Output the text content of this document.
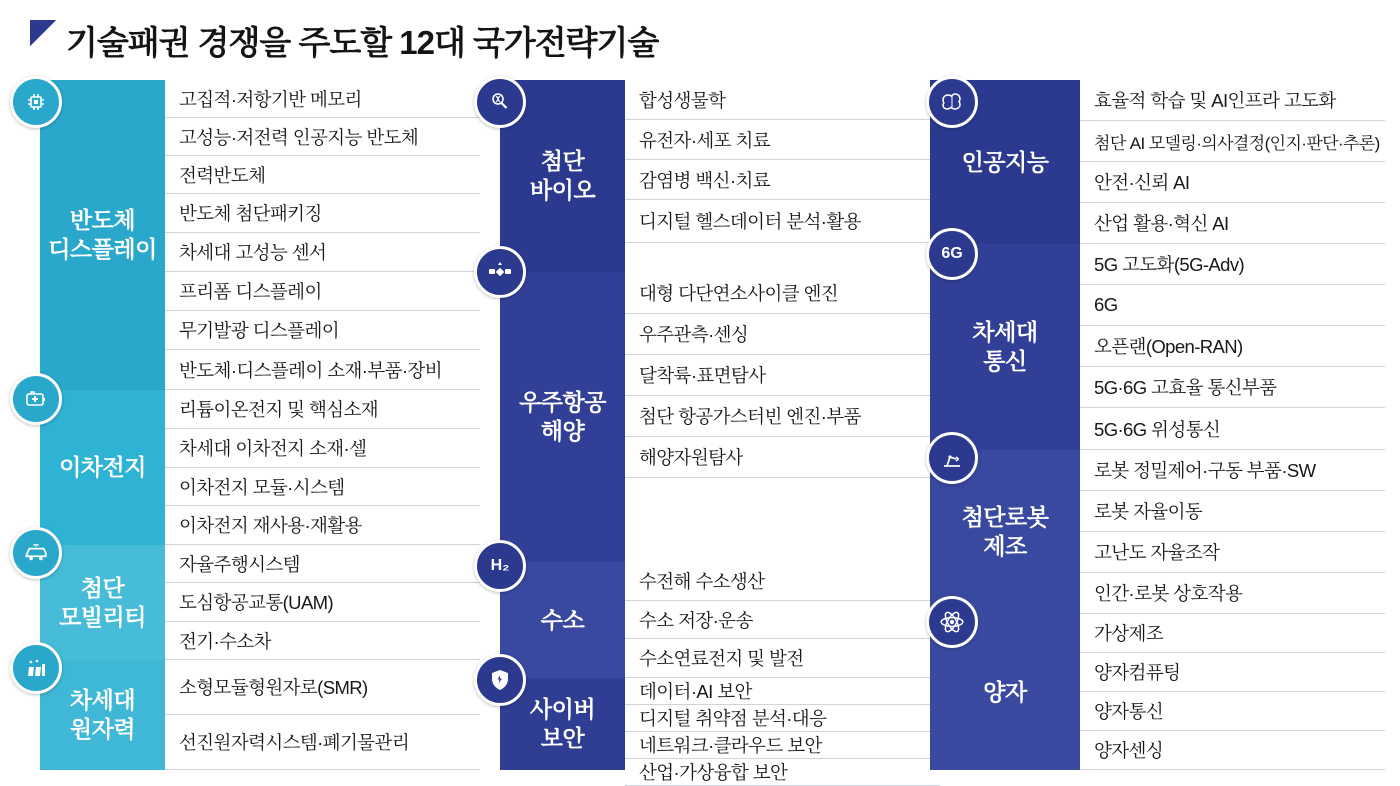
기술패권 경쟁을 주도할 12대 국가전략기술
반도체
디스플레이
고집적·저항기반 메모리
고성능·저전력 인공지능 반도체
전력반도체
반도체 첨단패키징
차세대 고성능 센서
프리폼 디스플레이
무기발광 디스플레이
반도체·디스플레이 소재·부품·장비
이차전지
리튬이온전지 및 핵심소재
차세대 이차전지 소재·셀
이차전지 모듈·시스템
이차전지 재사용·재활용
첨단
모빌리티
자율주행시스템
도심항공교통(UAM)
전기·수소차
차세대
원자력
소형모듈형원자로(SMR)
선진원자력시스템·폐기물관리
첨단
바이오
합성생물학
유전자·세포 치료
감염병 백신·치료
디지털 헬스데이터 분석·활용
우주항공
해양
대형 다단연소사이클 엔진
우주관측·센싱
달착륙·표면탐사
첨단 항공가스터빈 엔진·부품
해양자원탐사
수소
수전해 수소생산
수소 저장·운송
수소연료전지 및 발전
사이버
보안
데이터·AI 보안
디지털 취약점 분석·대응
네트워크·클라우드 보안
산업·가상융합 보안
H₂
인공지능
효율적 학습 및 AI인프라 고도화
첨단 AI 모델링·의사결정(인지·판단·추론)
안전·신뢰 AI
산업 활용·혁신 AI
차세대
통신
5G 고도화(5G-Adv)
6G
오픈랜(Open-RAN)
5G·6G 고효율 통신부품
5G·6G 위성통신
첨단로봇
제조
로봇 정밀제어·구동 부품·SW
로봇 자율이동
고난도 자율조작
인간·로봇 상호작용
양자
가상제조
양자컴퓨팅
양자통신
양자센싱
6G
